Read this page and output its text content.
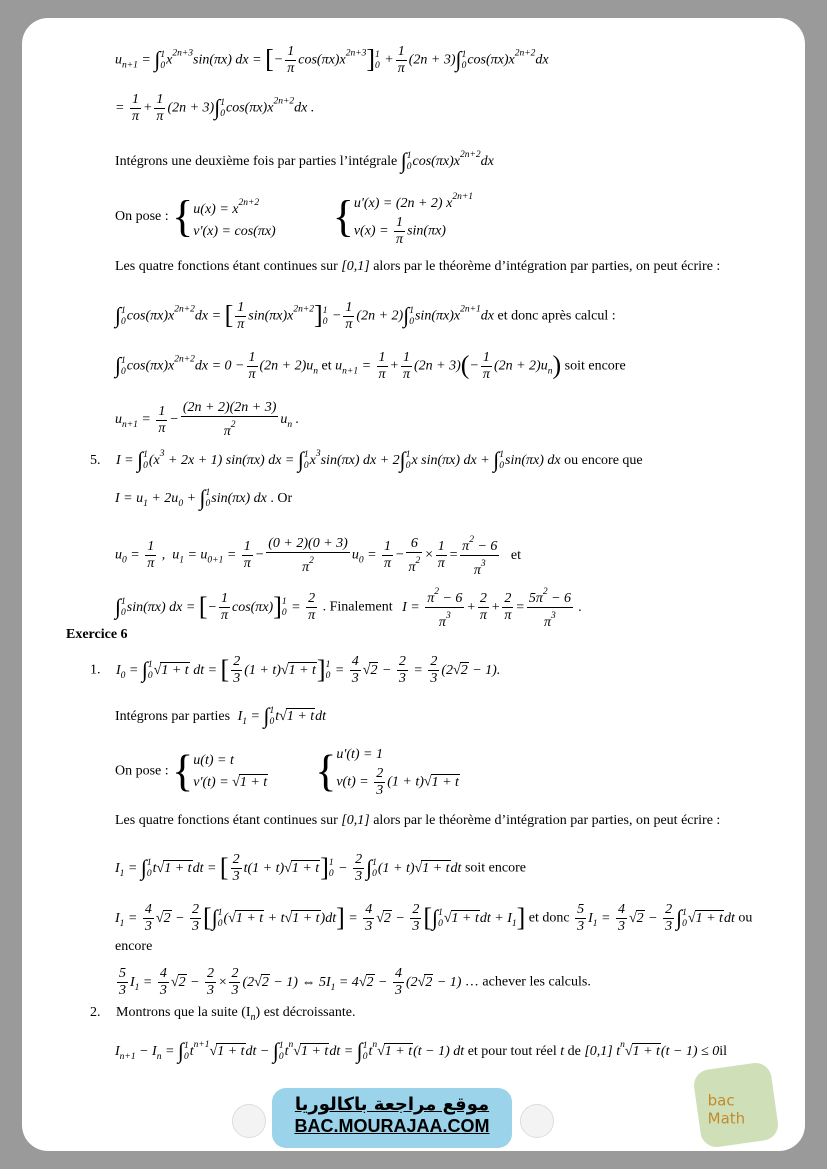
$u_{n+1}$ = ∫ 1
0 $x^{2n+3}\sin(\pi x)$ dx = [− $\frac{1}{\pi} \cos(\pi x)x^{2n+3}$] 1
$0 + \frac{1}{\pi} (2n + 3)\int$ 1
0 $\cos(\pi x)x^{2n+2}dx$
= $\frac{1}{\pi} + \frac{1}{\pi} (2n + 3)\int$ 1
0 $\cos(\pi x)x^{2n+2}dx$ .
Intégrons une deuxième fois par parties l’intégrale ∫ 1
0 $\cos(\pi x)x^{2n+2}dx$
On pose : { $u(x) = x^{2n+2}$
v'(x) = cos(πx) { u'(x) = (2n + 2) $x^{2n+1}$
$v(x) = \frac{1}{\pi} \sin(\pi x)$
Les quatre fonctions étant continues sur [0,1] alors par le théorème d’intégration par parties, on peut écrire :
∫ 1
0 $\cos(\pi x)x^{2n+2}dx$ = [ $\frac{1}{\pi} \sin(\pi x)x^{2n+2}$] 1
$0 - \frac{1}{\pi} (2n + 2)\int$ 1
0 $\sin(\pi x)x^{2n+1}dx$ et donc après calcul :
∫ 1
0 $\cos(\pi x)x^{2n+2}dx = 0 - \frac{1}{\pi} (2n + 2)u_n$ et $u_{n+1} = \frac{1}{\pi} + \frac{1}{\pi} (2n + 3)(- \frac{1}{\pi} (2n + 2)u_n)$ soit encore
$u_{n+1} = \frac{1}{\pi} - \frac{(2n + 2)(2n + 3)}{\pi^2} u_n$ .
5. I = ∫ 1
0 $(x^3 + 2x + 1)$ sin(πx) dx = ∫ 1
0 $x^3\sin(\pi x)$ dx + 2∫ 1
0 x sin(πx) dx + ∫ 1
0 sin(πx) dx ou encore que
$I = u_1 + 2u_0$ + ∫ 1
0 sin(πx) dx . Or
$u_0 = \frac{1}{\pi}$ ,  $u_1 = u_{0+1} = \frac{1}{\pi} - \frac{(0 + 2)(0 + 3)}{\pi^2} u_0 = \frac{1}{\pi} - \frac{6}{\pi^2} \times \frac{1}{\pi} = \frac{\pi^2 - 6}{\pi^3}$ et
∫ 1
0 sin(πx) dx = [− $\frac{1}{\pi} \cos(\pi x)$] 1
$0 = \frac{2}{\pi}$ . Finalement $I = \frac{\pi^2 - 6}{\pi^3} + \frac{2}{\pi} + \frac{2}{\pi} = \frac{5\pi^2 - 6}{\pi^3}$ .
Exercice 6
1. $I_0$ = ∫ 1
0 √1 + t dt = [ $\frac{2}{3} (1 + t)√1 + t$] 1
$0 = \frac{4}{3} √2 - \frac{2}{3} = \frac{2}{3} (2√2 - 1)$.
Intégrons par parties $I_1$ = ∫ 1
0 t√1 + tdt
On pose : { u(t) = t
v'(t) = √1 + t { u'(t) = 1
$v(t) = \frac{2}{3} (1 + t)√1 + t$
Les quatre fonctions étant continues sur [0,1] alors par le théorème d’intégration par parties, on peut écrire :
$I_1$ = ∫ 1
0 t√1 + tdt = [ $\frac{2}{3} t(1 + t)√1 + t$] 1
$0 - \frac{2}{3}$ ∫ 1
0 (1 + t)√1 + tdt soit encore
$I_1 = \frac{4}{3} √2 - \frac{2}{3}$ [∫ 1
0 $(√1 + t + t√1 + t)dt] = \frac{4}{3} √2 - \frac{2}{3}$ [∫ 1
0 √1 + tdt + $I_1$] et donc $\frac{5}{3} I_1 = \frac{4}{3} √2 - \frac{2}{3}$ ∫ 1
0 √1 + tdt ou
encore
$\frac{5}{3} I_1 = \frac{4}{3} √2 - \frac{2}{3} \times \frac{2}{3} (2√2 - 1)$ ⇔ $5I_1 = 4√2 - \frac{4}{3} (2√2 - 1)$ … achever les calculs.
2. Montrons que la suite $(I_n)$ est décroissante.
$I_{n+1} - I_n$ = ∫ 1
0 $t^{n+1}√1$ + tdt − ∫ 1
0 $t^n√1$ + tdt = ∫ 1
0 $t^n√1 + t(t - 1)$ dt et pour tout réel t de [0,1] $t^n√1 + t(t - 1) \le 0il$
موقع مراجعة باكالوريا
BAC.MOURAJAA.COM
bac Math
